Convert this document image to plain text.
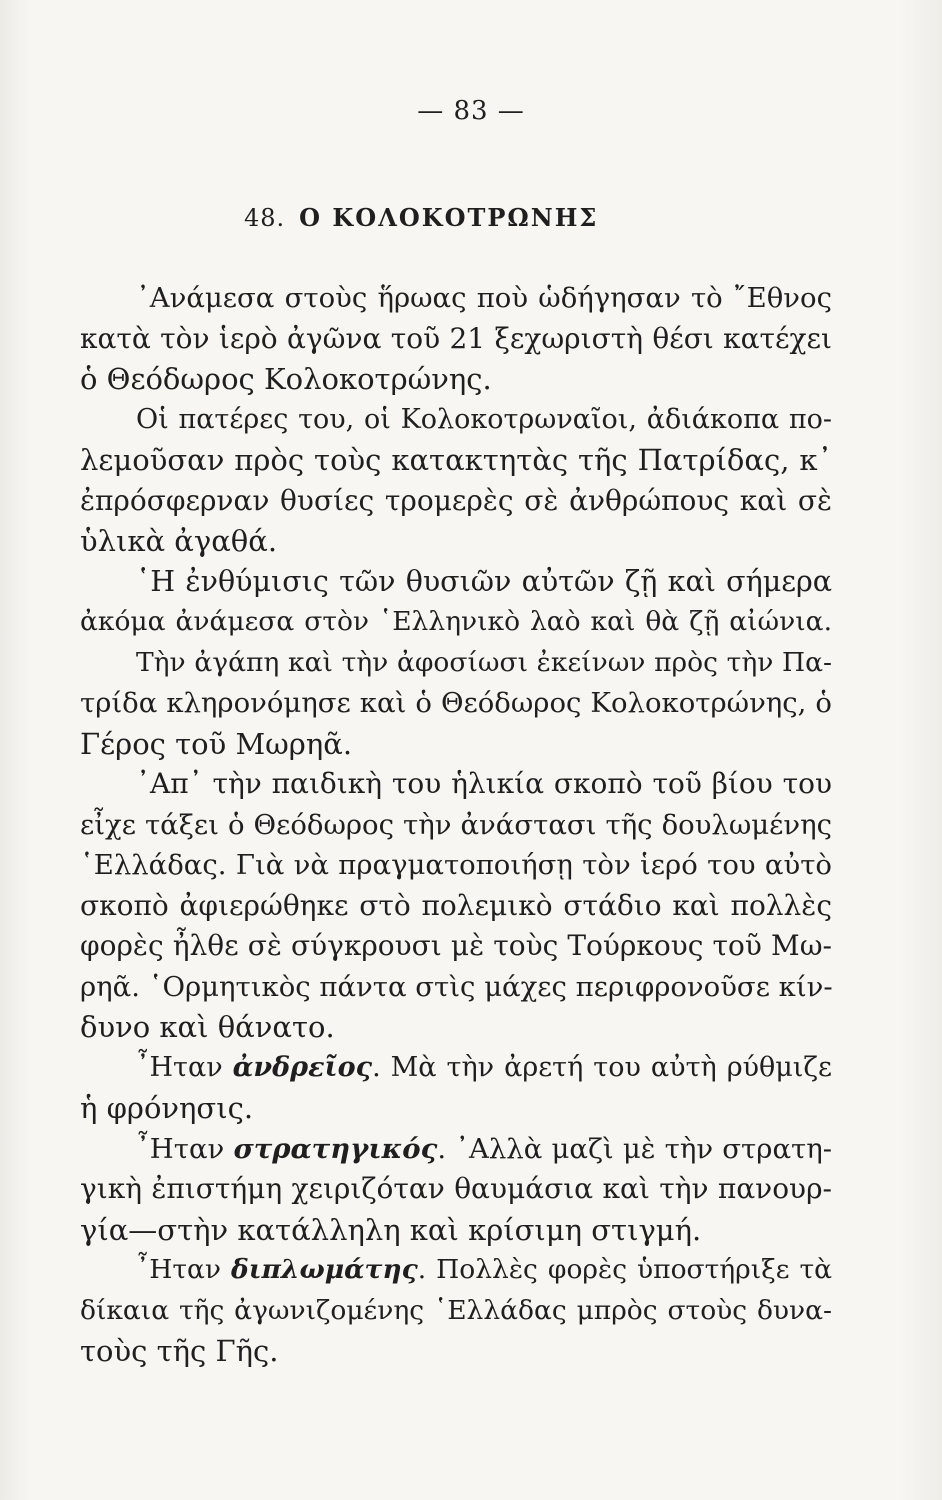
— 83 —
48. Ο ΚΟΛΟΚΟΤΡΩΝΗΣ
᾿Ανάμεσα στοὺς ἥρωας ποὺ ὡδήγησαν τὸ ῎Εθνος
κατὰ τὸν ἱερὸ ἀγῶνα τοῦ 21 ξεχωριστὴ θέσι κατέχει
ὁ Θεόδωρος Κολοκοτρώνης.
Οἱ πατέρες του, οἱ Κολοκοτρωναῖοι, ἀδιάκοπα πο-
λεμοῦσαν πρὸς τοὺς κατακτητὰς τῆς Πατρίδας, κ᾿
ἐπρόσφερναν θυσίες τρομερὲς σὲ ἀνθρώπους καὶ σὲ
ὑλικὰ ἀγαθά.
῾Η ἐνθύμισις τῶν θυσιῶν αὐτῶν ζῇ καὶ σήμερα
ἀκόμα ἀνάμεσα στὸν ῾Ελληνικὸ λαὸ καὶ θὰ ζῇ αἰώνια.
Τὴν ἀγάπη καὶ τὴν ἀφοσίωσι ἐκείνων πρὸς τὴν Πα-
τρίδα κληρονόμησε καὶ ὁ Θεόδωρος Κολοκοτρώνης, ὁ
Γέρος τοῦ Μωρηᾶ.
᾿Απ᾿ τὴν παιδικὴ του ἡλικία σκοπὸ τοῦ βίου του
εἶχε τάξει ὁ Θεόδωρος τὴν ἀνάστασι τῆς δουλωμένης
῾Ελλάδας. Γιὰ νὰ πραγματοποιήσῃ τὸν ἱερό του αὐτὸ
σκοπὸ ἀφιερώθηκε στὸ πολεμικὸ στάδιο καὶ πολλὲς
φορὲς ἦλθε σὲ σύγκρουσι μὲ τοὺς Τούρκους τοῦ Μω-
ρηᾶ. ῾Ορμητικὸς πάντα στὶς μάχες περιφρονοῦσε κίν-
δυνο καὶ θάνατο.
῏Ηταν ἀνδρεῖος. Μὰ τὴν ἀρετή του αὐτὴ ρύθμιζε
ἡ φρόνησις.
῏Ηταν στρατηγικός. ᾿Αλλὰ μαζὶ μὲ τὴν στρατη-
γικὴ ἐπιστήμη χειριζόταν θαυμάσια καὶ τὴν πανουρ-
γία—στὴν κατάλληλη καὶ κρίσιμη στιγμή.
῏Ηταν διπλωμάτης. Πολλὲς φορὲς ὑποστήριξε τὰ
δίκαια τῆς ἀγωνιζομένης ῾Ελλάδας μπρὸς στοὺς δυνα-
τοὺς τῆς Γῆς.
